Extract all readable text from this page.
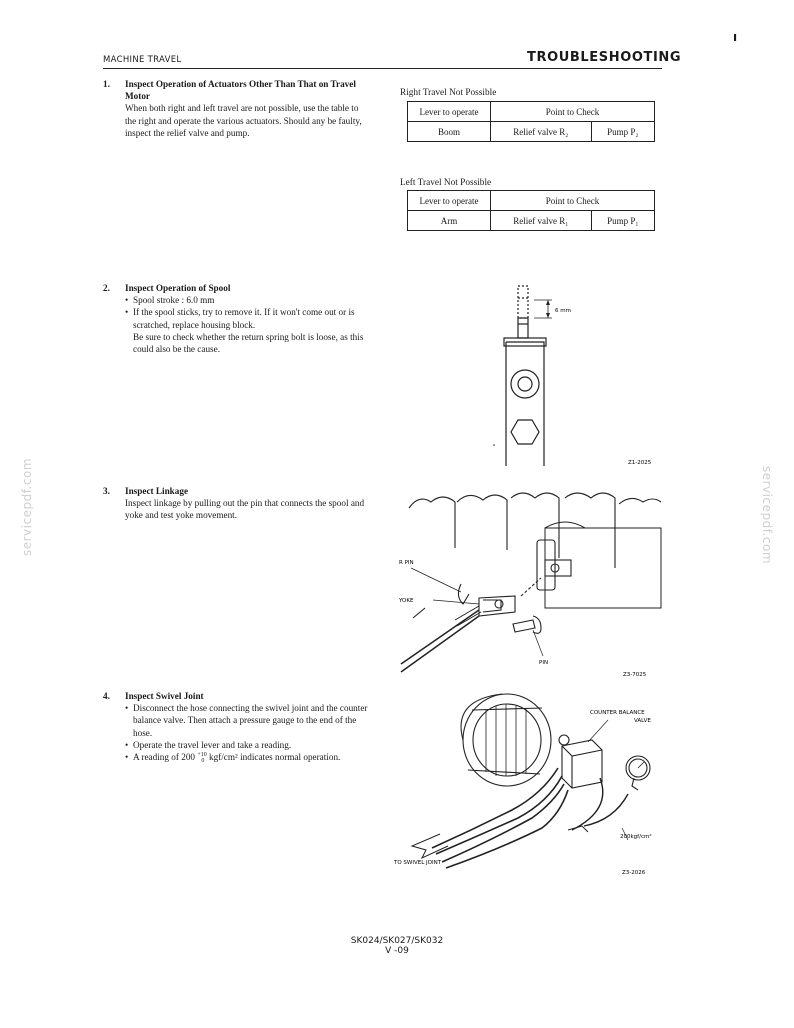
MACHINE TRAVEL	TROUBLESHOOTING
ı
servicepdf.com	servicepdf.com
1. Inspect Operation of Actuators Other Than That on Travel Motor

When both right and left travel are not possible, use the table to the right and operate the various actuators. Should any be faulty, inspect the relief valve and pump.

Right Travel Not Possible
Lever to operate	Point to Check	
Boom	Relief valve R₂	Pump P₂
Left Travel Not Possible
Lever to operate	Point to Check	
Arm	Relief valve R₁	Pump P₁
2. Inspect Operation of Spool
• Spool stroke : 6.0 mm
• If the spool sticks, try to remove it. If it won't come out or is scratched, replace housing block.
Be sure to check whether the return spring bolt is loose, as this could also be the cause.
6 mm
Z1-2025
3. Inspect Linkage

Inspect linkage by pulling out the pin that connects the spool and yoke and test yoke movement.

R PIN
YOKE
PIN
Z3-7025
4. Inspect Swivel Joint
• Disconnect the hose connecting the swivel joint and the counter balance valve. Then attach a pressure gauge to the end of the hose.
• Operate the travel lever and take a reading.
• A reading of 200 +10
0 kgf/cm² indicates normal operation.
COUNTER BALANCE
VALVE
200kgf/cm²
TO SWIVEL JOINT
Z3-2026
SK024/SK027/SK032
V -09
